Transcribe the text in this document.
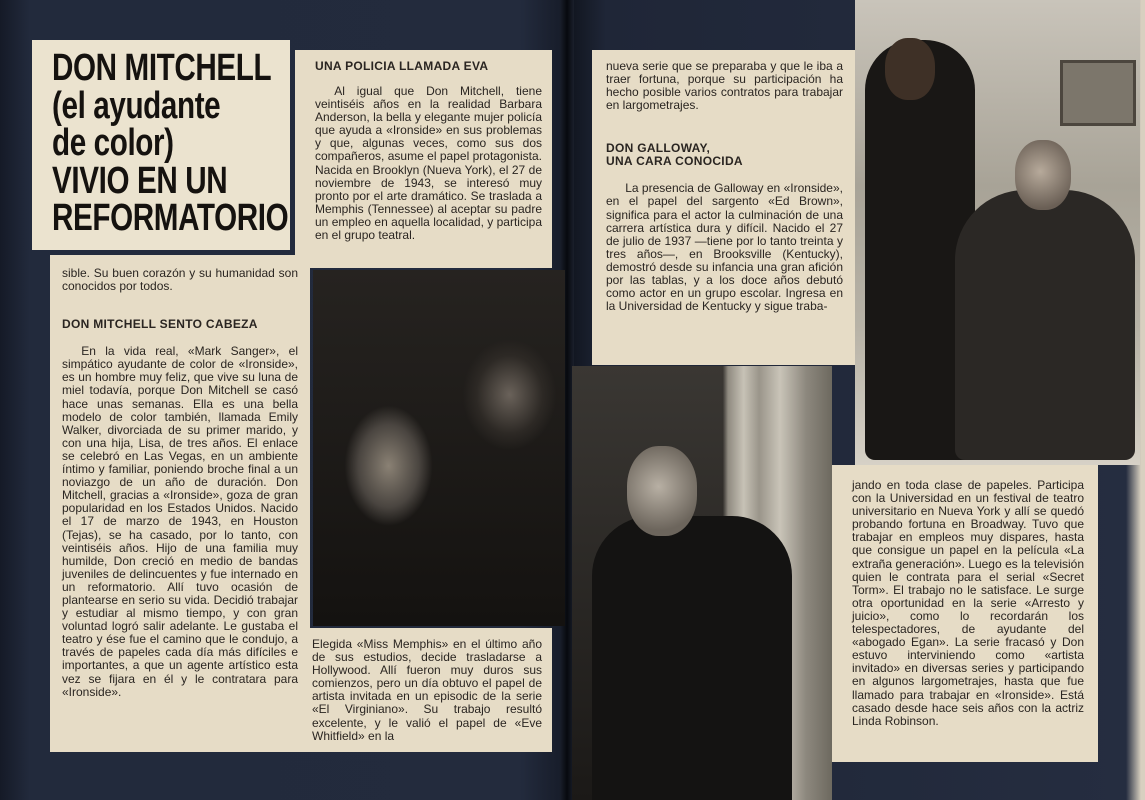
DON MITCHELL
(el ayudante
de color)
VIVIO EN UN
REFORMATORIO
UNA POLICIA LLAMADA EVA

Al igual que Don Mitchell, tiene veintiséis años en la realidad Barbara Anderson, la bella y elegante mujer policía que ayuda a «Ironside» en sus problemas y que, algunas veces, como sus dos compañeros, asume el papel protagonista. Nacida en Brooklyn (Nueva York), el 27 de noviembre de 1943, se interesó muy pronto por el arte dramático. Se traslada a Memphis (Tennessee) al aceptar su padre un empleo en aquella localidad, y participa en el grupo teatral.

sible. Su buen corazón y su humanidad son conocidos por todos.

DON MITCHELL SENTO CABEZA

En la vida real, «Mark Sanger», el simpático ayudante de color de «Ironside», es un hombre muy feliz, que vive su luna de miel todavía, porque Don Mitchell se casó hace unas semanas. Ella es una bella modelo de color también, llamada Emily Walker, divorciada de su primer marido, y con una hija, Lisa, de tres años. El enlace se celebró en Las Vegas, en un ambiente íntimo y familiar, poniendo broche final a un noviazgo de un año de duración. Don Mitchell, gracias a «Ironside», goza de gran popularidad en los Estados Unidos. Nacido el 17 de marzo de 1943, en Houston (Tejas), se ha casado, por lo tanto, con veintiséis años. Hijo de una familia muy humilde, Don creció en medio de bandas juveniles de delincuentes y fue internado en un reformatorio. Allí tuvo ocasión de plantearse en serio su vida. Decidió trabajar y estudiar al mismo tiempo, y con gran voluntad logró salir adelante. Le gustaba el teatro y ése fue el camino que le condujo, a través de papeles cada día más difíciles e importantes, a que un agente artístico esta vez se fijara en él y le contratara para «Ironside».

Elegida «Miss Memphis» en el último año de sus estudios, decide trasladarse a Hollywood. Allí fueron muy duros sus comienzos, pero un día obtuvo el papel de artista invitada en un episodic de la serie «El Virginiano». Su trabajo resultó excelente, y le valió el papel de «Eve Whitfield» en la

nueva serie que se preparaba y que le iba a traer fortuna, porque su participación ha hecho posible varios contratos para trabajar en largometrajes.

DON GALLOWAY,
UNA CARA CONOCIDA

La presencia de Galloway en «Ironside», en el papel del sargento «Ed Brown», significa para el actor la culminación de una carrera artística dura y difícil. Nacido el 27 de julio de 1937 —tiene por lo tanto treinta y tres años—, en Brooksville (Kentucky), demostró desde su infancia una gran afición por las tablas, y a los doce años debutó como actor en un grupo escolar. Ingresa en la Universidad de Kentucky y sigue traba-

jando en toda clase de papeles. Participa con la Universidad en un festival de teatro universitario en Nueva York y allí se quedó probando fortuna en Broadway. Tuvo que trabajar en empleos muy dispares, hasta que consigue un papel en la película «La extraña generación». Luego es la televisión quien le contrata para el serial «Secret Torm». El trabajo no le satisface. Le surge otra oportunidad en la serie «Arresto y juicio», como lo recordarán los telespectadores, de ayudante del «abogado Egan». La serie fracasó y Don estuvo interviniendo como «artista invitado» en diversas series y participando en algunos largometrajes, hasta que fue llamado para trabajar en «Ironside». Está casado desde hace seis años con la actriz Linda Robinson.
